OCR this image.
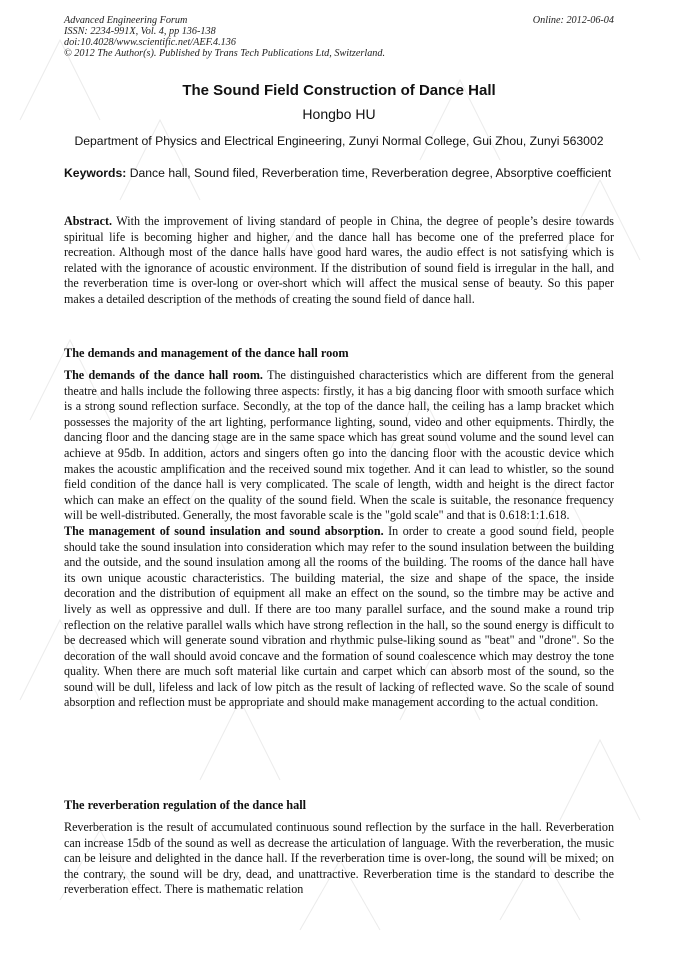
Advanced Engineering Forum
ISSN: 2234-991X, Vol. 4, pp 136-138
doi:10.4028/www.scientific.net/AEF.4.136
© 2012 The Author(s). Published by Trans Tech Publications Ltd, Switzerland.
Online: 2012-06-04
The Sound Field Construction of Dance Hall
Hongbo HU
Department of Physics and Electrical Engineering, Zunyi Normal College, Gui Zhou, Zunyi 563002
Keywords: Dance hall, Sound filed, Reverberation time, Reverberation degree, Absorptive coefficient

Abstract. With the improvement of living standard of people in China, the degree of people’s desire towards spiritual life is becoming higher and higher, and the dance hall has become one of the preferred place for recreation. Although most of the dance halls have good hard wares, the audio effect is not satisfying which is related with the ignorance of acoustic environment. If the distribution of sound field is irregular in the hall, and the reverberation time is over-long or over-short which will affect the musical sense of beauty. So this paper makes a detailed description of the methods of creating the sound field of dance hall.

The demands and management of the dance hall room

The demands of the dance hall room. The distinguished characteristics which are different from the general theatre and halls include the following three aspects: firstly, it has a big dancing floor with smooth surface which is a strong sound reflection surface. Secondly, at the top of the dance hall, the ceiling has a lamp bracket which possesses the majority of the art lighting, performance lighting, sound, video and other equipments. Thirdly, the dancing floor and the dancing stage are in the same space which has great sound volume and the sound level can achieve at 95db. In addition, actors and singers often go into the dancing floor with the acoustic device which makes the acoustic amplification and the received sound mix together. And it can lead to whistler, so the sound field condition of the dance hall is very complicated. The scale of length, width and height is the direct factor which can make an effect on the quality of the sound field. When the scale is suitable, the resonance frequency will be well-distributed. Generally, the most favorable scale is the "gold scale" and that is 0.618:1:1.618.

The management of sound insulation and sound absorption. In order to create a good sound field, people should take the sound insulation into consideration which may refer to the sound insulation between the building and the outside, and the sound insulation among all the rooms of the building. The rooms of the dance hall have its own unique acoustic characteristics. The building material, the size and shape of the space, the inside decoration and the distribution of equipment all make an effect on the sound, so the timbre may be active and lively as well as oppressive and dull. If there are too many parallel surface, and the sound make a round trip reflection on the relative parallel walls which have strong reflection in the hall, so the sound energy is difficult to be decreased which will generate sound vibration and rhythmic pulse-liking sound as "beat" and "drone". So the decoration of the wall should avoid concave and the formation of sound coalescence which may destroy the tone quality. When there are much soft material like curtain and carpet which can absorb most of the sound, so the sound will be dull, lifeless and lack of low pitch as the result of lacking of reflected wave. So the scale of sound absorption and reflection must be appropriate and should make management according to the actual condition.

The reverberation regulation of the dance hall

Reverberation is the result of accumulated continuous sound reflection by the surface in the hall. Reverberation can increase 15db of the sound as well as decrease the articulation of language. With the reverberation, the music can be leisure and delighted in the dance hall. If the reverberation time is over-long, the sound will be mixed; on the contrary, the sound will be dry, dead, and unattractive. Reverberation time is the standard to describe the reverberation effect. There is mathematic relation
